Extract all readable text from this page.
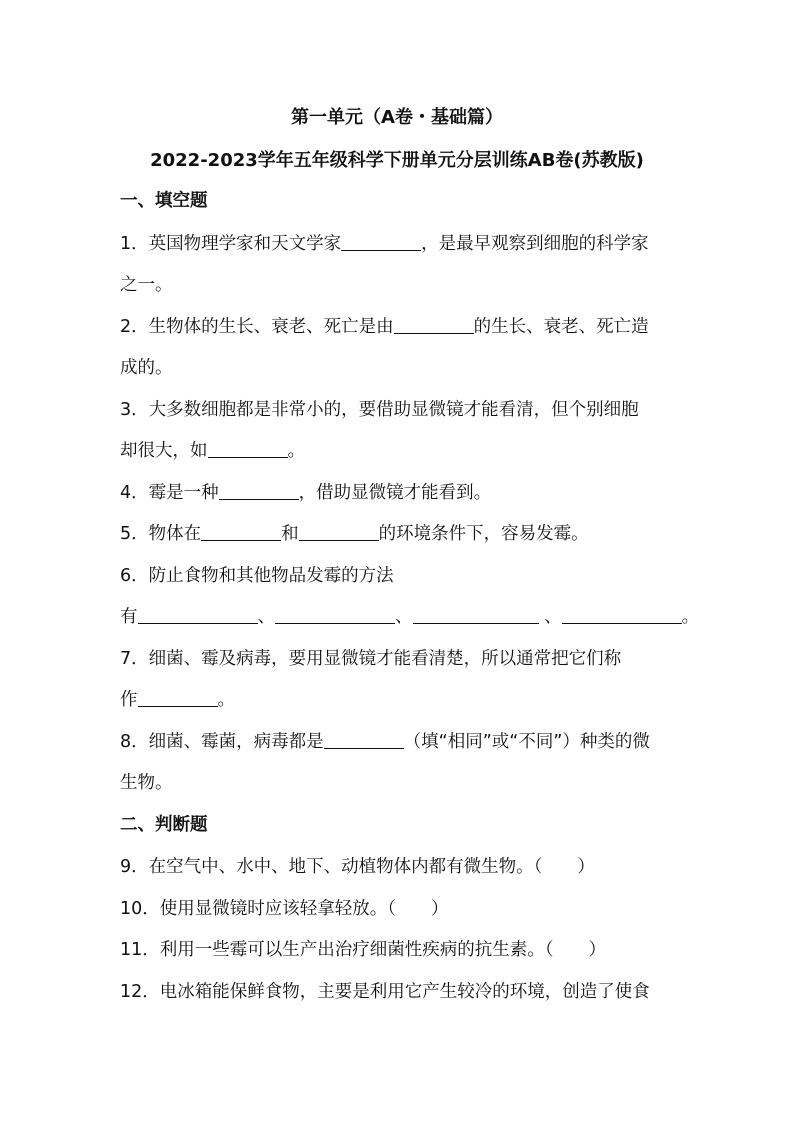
第一单元（A卷・基础篇）
2022-2023学年五年级科学下册单元分层训练AB卷(苏教版)
一、填空题
1．英国物理学家和天文学家	，是最早观察到细胞的科学家
之一。
2．生物体的生长、衰老、死亡是由	的生长、衰老、死亡造
成的。
3．大多数细胞都是非常小的，要借助显微镜才能看清，但个别细胞
却很大，如	。
4．霉是一种	，借助显微镜才能看到。
5．物体在	和	的环境条件下，容易发霉。
6．防止食物和其他物品发霉的方法
有	、	、	、	。
7．细菌、霉及病毒，要用显微镜才能看清楚，所以通常把它们称
作	。
8．细菌、霉菌，病毒都是	（填“相同”或“不同”）种类的微
生物。
二、判断题
9．在空气中、水中、地下、动植物体内都有微生物。（　　）
10．使用显微镜时应该轻拿轻放。（　　）
11．利用一些霉可以生产出治疗细菌性疾病的抗生素。（　　）
12．电冰箱能保鲜食物，主要是利用它产生较冷的环境，创造了使食
